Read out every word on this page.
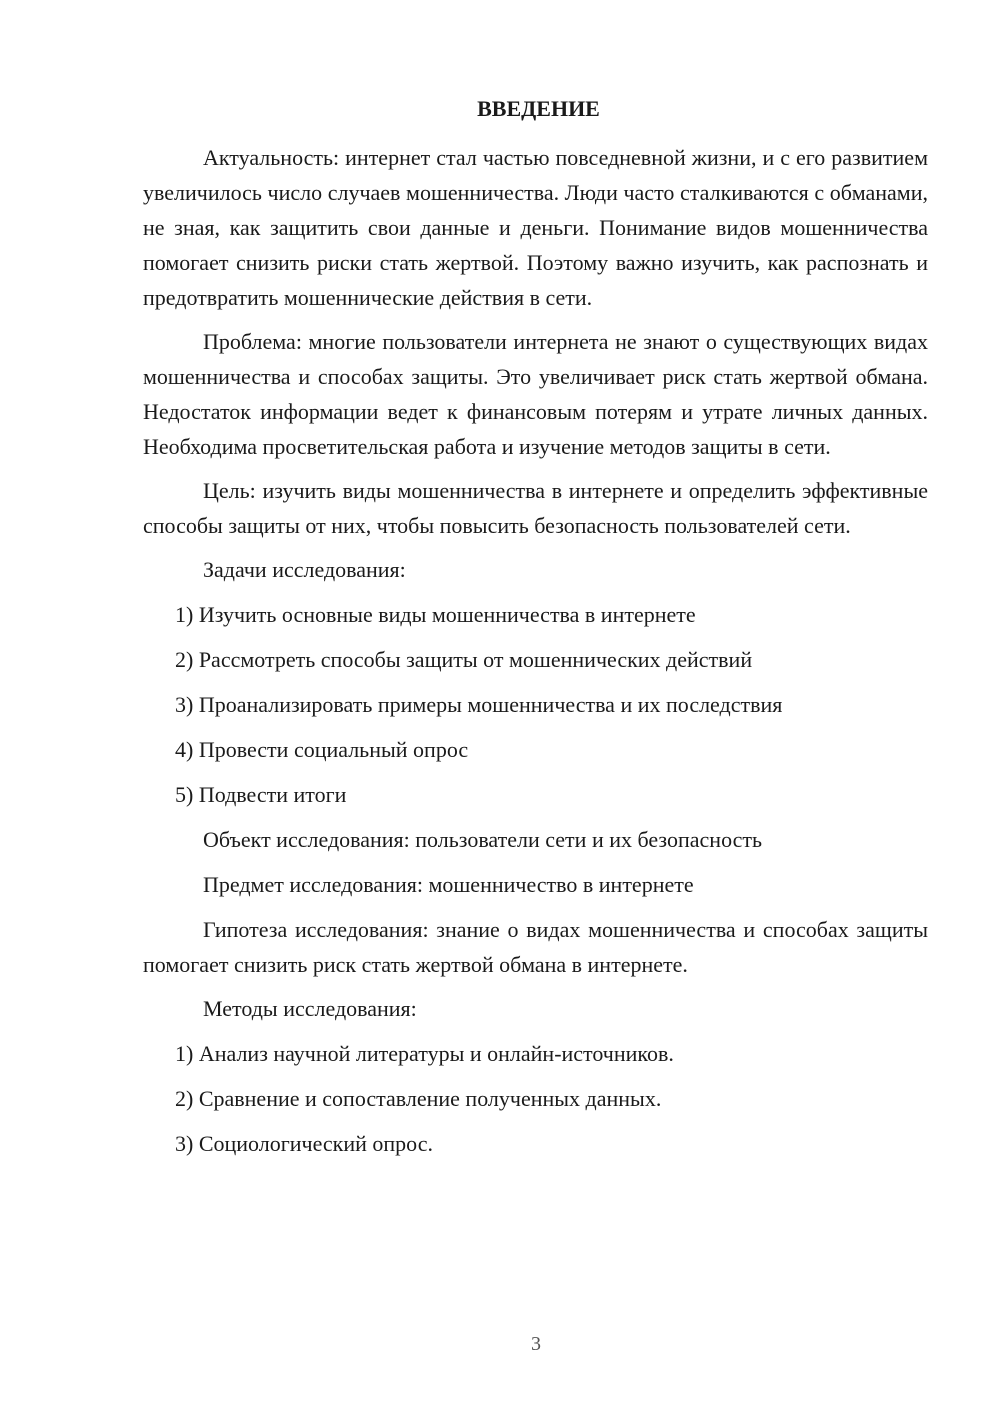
ВВЕДЕНИЕ

Актуальность: интернет стал частью повседневной жизни, и с его развитием увеличилось число случаев мошенничества. Люди часто сталкиваются с обманами, не зная, как защитить свои данные и деньги. Понимание видов мошенничества помогает снизить риски стать жертвой. Поэтому важно изучить, как распознать и предотвратить мошеннические действия в сети.

Проблема: многие пользователи интернета не знают о существующих видах мошенничества и способах защиты. Это увеличивает риск стать жертвой обмана. Недостаток информации ведет к финансовым потерям и утрате личных данных. Необходима просветительская работа и изучение методов защиты в сети.

Цель: изучить виды мошенничества в интернете и определить эффективные способы защиты от них, чтобы повысить безопасность пользователей сети.

Задачи исследования:
1) Изучить основные виды мошенничества в интернете
2) Рассмотреть способы защиты от мошеннических действий
3) Проанализировать примеры мошенничества и их последствия
4) Провести социальный опрос
5) Подвести итоги
Объект исследования: пользователи сети и их безопасность
Предмет исследования: мошенничество в интернете

Гипотеза исследования: знание о видах мошенничества и способах защиты помогает снизить риск стать жертвой обмана в интернете.

Методы исследования:
1) Анализ научной литературы и онлайн-источников.
2) Сравнение и сопоставление полученных данных.
3) Социологический опрос.
3
